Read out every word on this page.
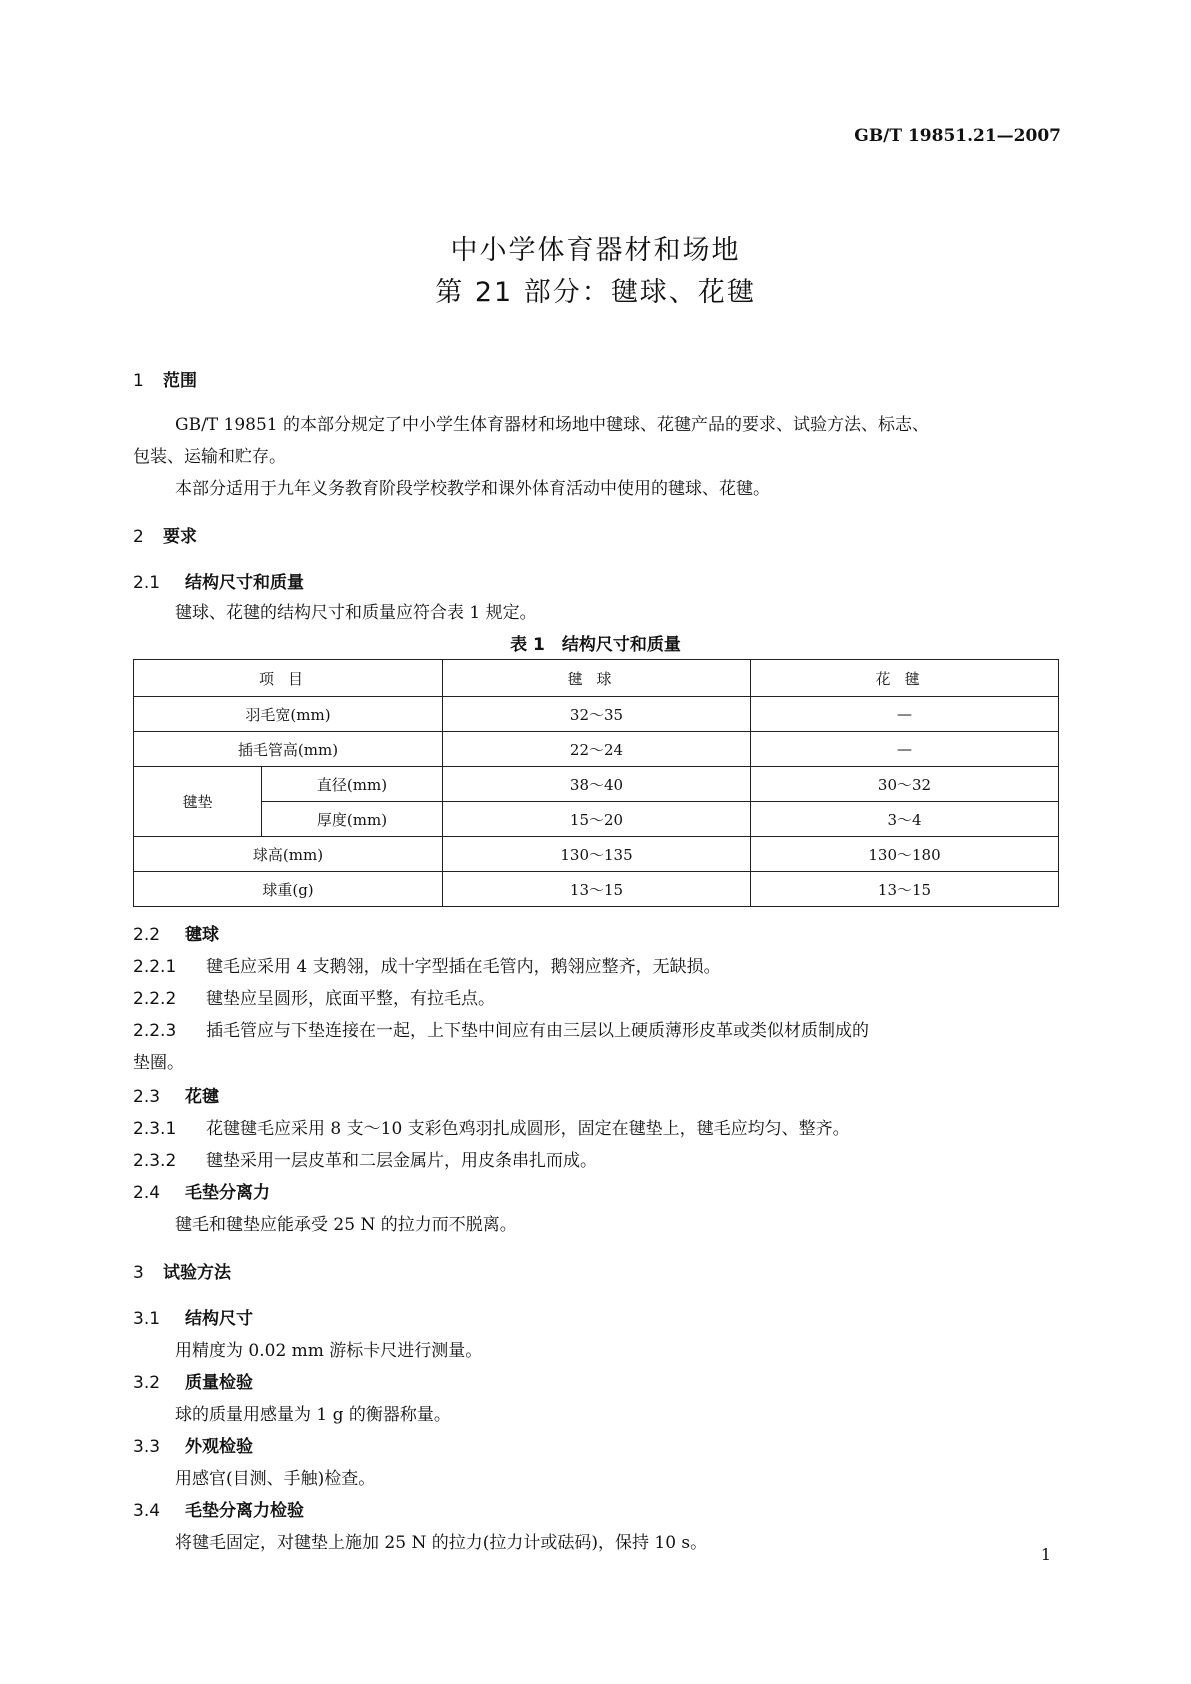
GB/T 19851.21—2007
中小学体育器材和场地
第 21 部分：毽球、花毽
1 范围
GB/T 19851 的本部分规定了中小学生体育器材和场地中毽球、花毽产品的要求、试验方法、标志、
包装、运输和贮存。
本部分适用于九年义务教育阶段学校教学和课外体育活动中使用的毽球、花毽。
2 要求
2.1 结构尺寸和质量
毽球、花毽的结构尺寸和质量应符合表 1 规定。
表 1　结构尺寸和质量
项目		毽球	花毽
羽毛宽(mm)		32～35	—
插毛管高(mm)		22～24	—
毽垫	直径(mm)	38～40	30～32
	厚度(mm)	15～20	3～4
球高(mm)		130～135	130～180
球重(g)		13～15	13～15
2.2 毽球
2.2.1 毽毛应采用 4 支鹅翎，成十字型插在毛管内，鹅翎应整齐，无缺损。
2.2.2 毽垫应呈圆形，底面平整，有拉毛点。
2.2.3 插毛管应与下垫连接在一起，上下垫中间应有由三层以上硬质薄形皮革或类似材质制成的
垫圈。
2.3 花毽
2.3.1 花毽毽毛应采用 8 支～10 支彩色鸡羽扎成圆形，固定在毽垫上，毽毛应均匀、整齐。
2.3.2 毽垫采用一层皮革和二层金属片，用皮条串扎而成。
2.4 毛垫分离力
毽毛和毽垫应能承受 25 N 的拉力而不脱离。
3 试验方法
3.1 结构尺寸
用精度为 0.02 mm 游标卡尺进行测量。
3.2 质量检验
球的质量用感量为 1 g 的衡器称量。
3.3 外观检验
用感官(目测、手触)检查。
3.4 毛垫分离力检验
将毽毛固定，对毽垫上施加 25 N 的拉力(拉力计或砝码)，保持 10 s。
1
